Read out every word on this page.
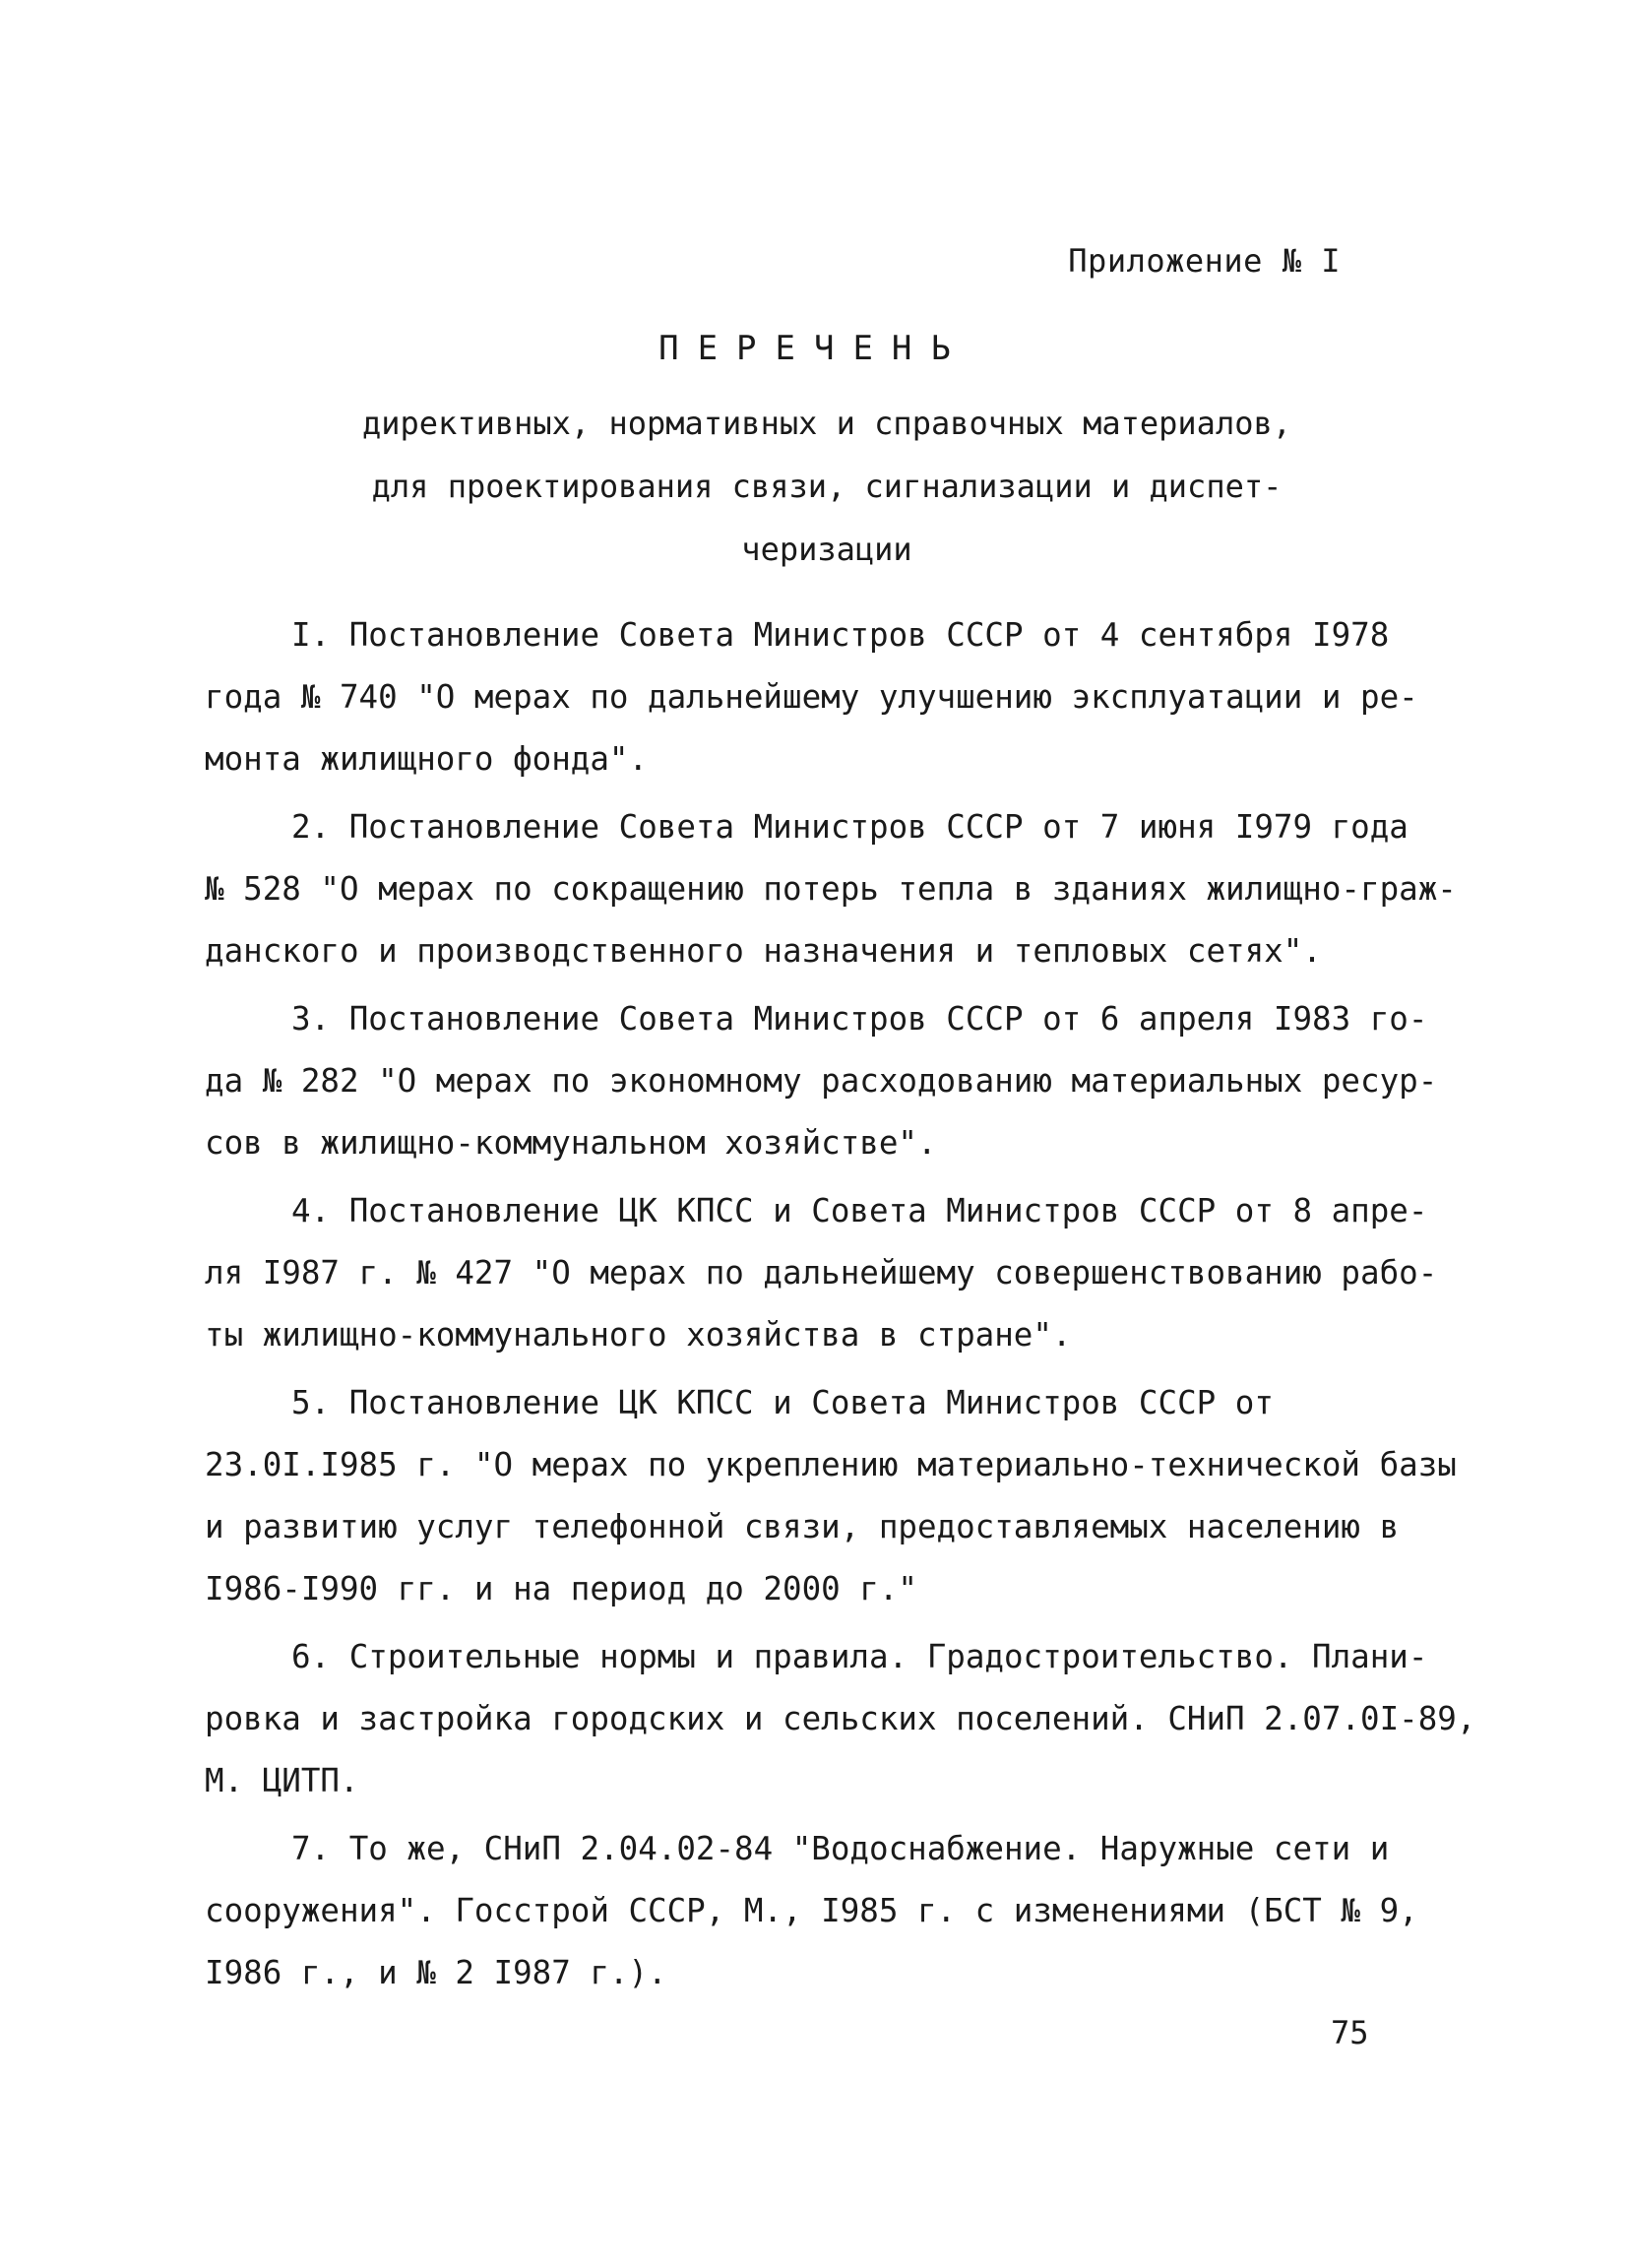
Приложение № I
ПЕРЕЧЕНЬ
директивных, нормативных и справочных материалов,
для проектирования связи, сигнализации и диспет-
черизации

I. Постановление Совета Министров СССР от 4 сентября I978
года № 740 "О мерах по дальнейшему улучшению эксплуатации и ре-
монта жилищного фонда".

2. Постановление Совета Министров СССР от 7 июня I979 года
№ 528 "О мерах по сокращению потерь тепла в зданиях жилищно-граж-
данского и производственного назначения и тепловых сетях".

3. Постановление Совета Министров СССР от 6 апреля I983 го-
да № 282 "О мерах по экономному расходованию материальных ресур-
сов в жилищно-коммунальном хозяйстве".

4. Постановление ЦК КПСС и Совета Министров СССР от 8 апре-
ля I987 г. № 427 "О мерах по дальнейшему совершенствованию рабо-
ты жилищно-коммунального хозяйства в стране".

5. Постановление ЦК КПСС и Совета Министров СССР от
23.0I.I985 г. "О мерах по укреплению материально-технической базы
и развитию услуг телефонной связи, предоставляемых населению в
I986-I990 гг. и на период до 2000 г."

6. Строительные нормы и правила. Градостроительство. Плани-
ровка и застройка городских и сельских поселений. СНиП 2.07.0I-89,
М. ЦИТП.

7. То же, СНиП 2.04.02-84 "Водоснабжение. Наружные сети и
сооружения". Госстрой СССР, М., I985 г. с изменениями (БСТ № 9,
I986 г., и № 2 I987 г.).

75
